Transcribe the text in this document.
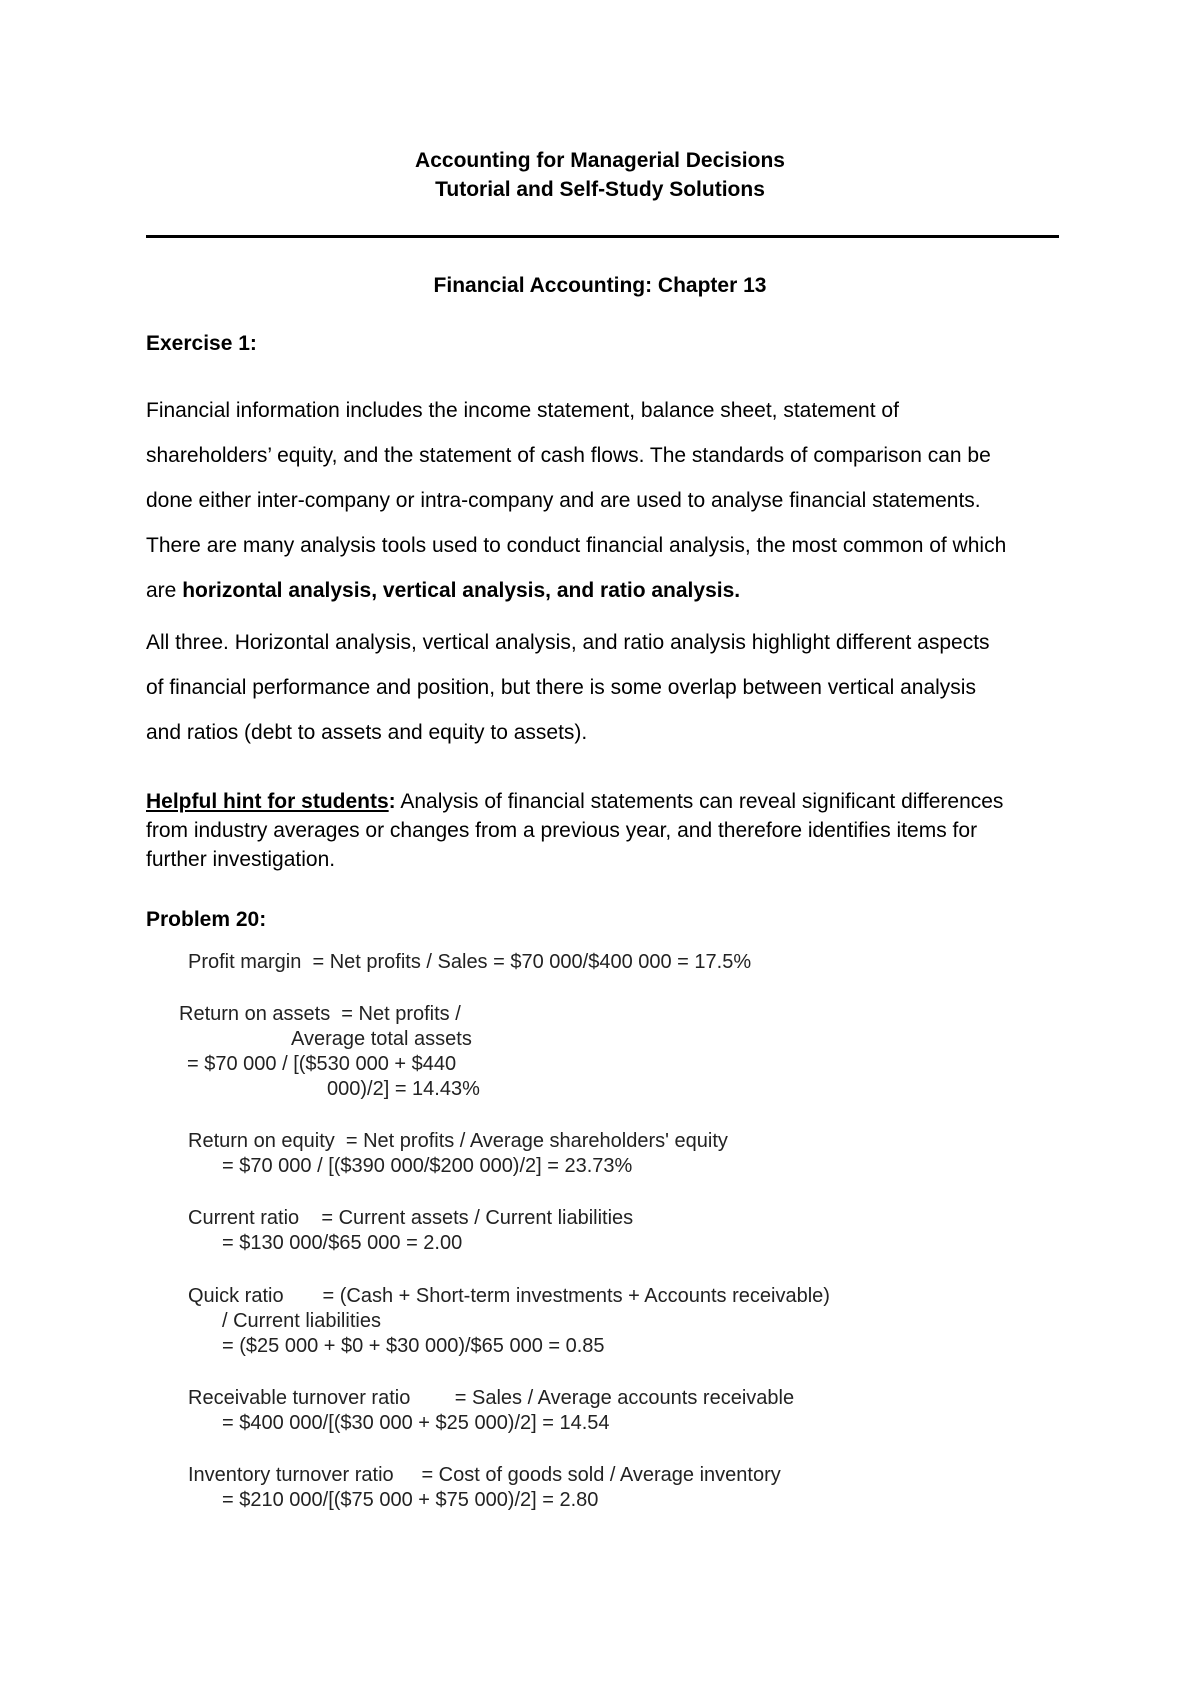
Accounting for Managerial Decisions
Tutorial and Self-Study Solutions
Financial Accounting: Chapter 13
Exercise 1:
Financial information includes the income statement, balance sheet, statement of
shareholders’ equity, and the statement of cash flows. The standards of comparison can be
done either inter-company or intra-company and are used to analyse financial statements.
There are many analysis tools used to conduct financial analysis, the most common of which
are horizontal analysis, vertical analysis, and ratio analysis.
All three. Horizontal analysis, vertical analysis, and ratio analysis highlight different aspects
of financial performance and position, but there is some overlap between vertical analysis
and ratios (debt to assets and equity to assets).
Helpful hint for students: Analysis of financial statements can reveal significant differences
from industry averages or changes from a previous year, and therefore identifies items for
further investigation.
Problem 20:
Profit margin  = Net profits / Sales = $70 000/$400 000 = 17.5%
Return on assets  = Net profits /
Average total assets
= $70 000 / [($530 000 + $440
000)/2] = 14.43%
Return on equity  = Net profits / Average shareholders' equity
= $70 000 / [($390 000/$200 000)/2] = 23.73%
Current ratio    = Current assets / Current liabilities
= $130 000/$65 000 = 2.00
Quick ratio       = (Cash + Short-term investments + Accounts receivable)
/ Current liabilities
= ($25 000 + $0 + $30 000)/$65 000 = 0.85
Receivable turnover ratio        = Sales / Average accounts receivable
= $400 000/[($30 000 + $25 000)/2] = 14.54
Inventory turnover ratio     = Cost of goods sold / Average inventory
= $210 000/[($75 000 + $75 000)/2] = 2.80
